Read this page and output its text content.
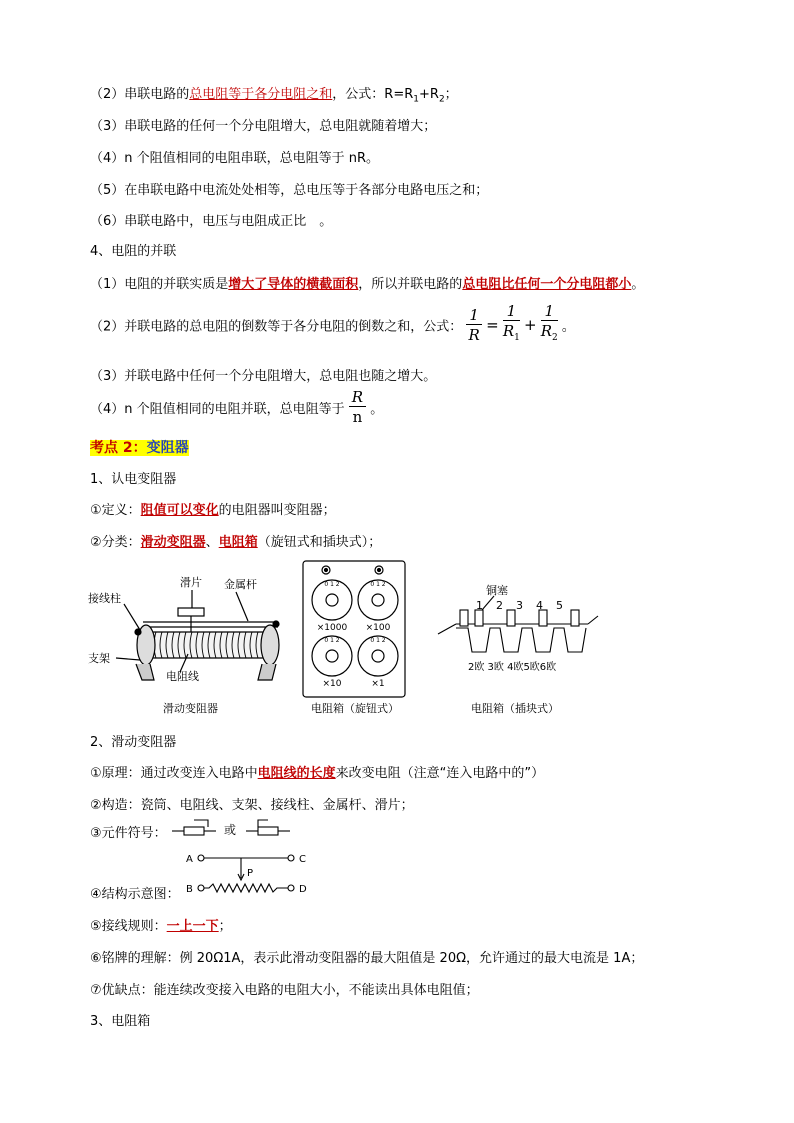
（2）串联电路的总电阻等于各分电阻之和，公式：$R=R_1+R_2$；
（3）串联电路的任何一个分电阻增大，总电阻就随着增大；
（4）n 个阻值相同的电阻串联，总电阻等于 nR。
（5）在串联电路中电流处处相等，总电压等于各部分电路电压之和；
（6）串联电路中，电压与电阻成正比　。
4、电阻的并联
（1）电阻的并联实质是增大了导体的横截面积，所以并联电路的总电阻比任何一个分电阻都小。
（2）并联电路的总电阻的倒数等于各分电阻的倒数之和，公式： $\frac{1}{R} = \frac{1}{R_1} + \frac{1}{R_2}$ 。
（3）并联电路中任何一个分电阻增大，总电阻也随之增大。
（4）n 个阻值相同的电阻并联，总电阻等于 $\frac{R}{n}$ 。
考点 2：变阻器
1、认电变阻器
①定义：阻值可以变化的电阻器叫变阻器；
②分类：滑动变阻器、电阻箱（旋钮式和插块式）；
滑片 金属杆
接线柱
支架
电阻线
0 1 2	0 1 2
0 1 2	0 1 2
×1000 ×100
×10	×1
铜塞
1 2 3 4 5
2欧 3欧 4欧5欧6欧
滑动变阻器	电阻箱（旋钮式）	电阻箱（插块式）
2、滑动变阻器
①原理：通过改变连入电路中电阻线的长度来改变电阻（注意“连入电路中的”）
②构造：瓷筒、电阻线、支架、接线柱、金属杆、滑片；
③元件符号：	或
A	C
B	D
P
④结构示意图：
⑤接线规则：一上一下；
⑥铭牌的理解：例 20Ω1A，表示此滑动变阻器的最大阻值是 20Ω，允许通过的最大电流是 1A；
⑦优缺点：能连续改变接入电路的电阻大小，不能读出具体电阻值；
3、电阻箱
